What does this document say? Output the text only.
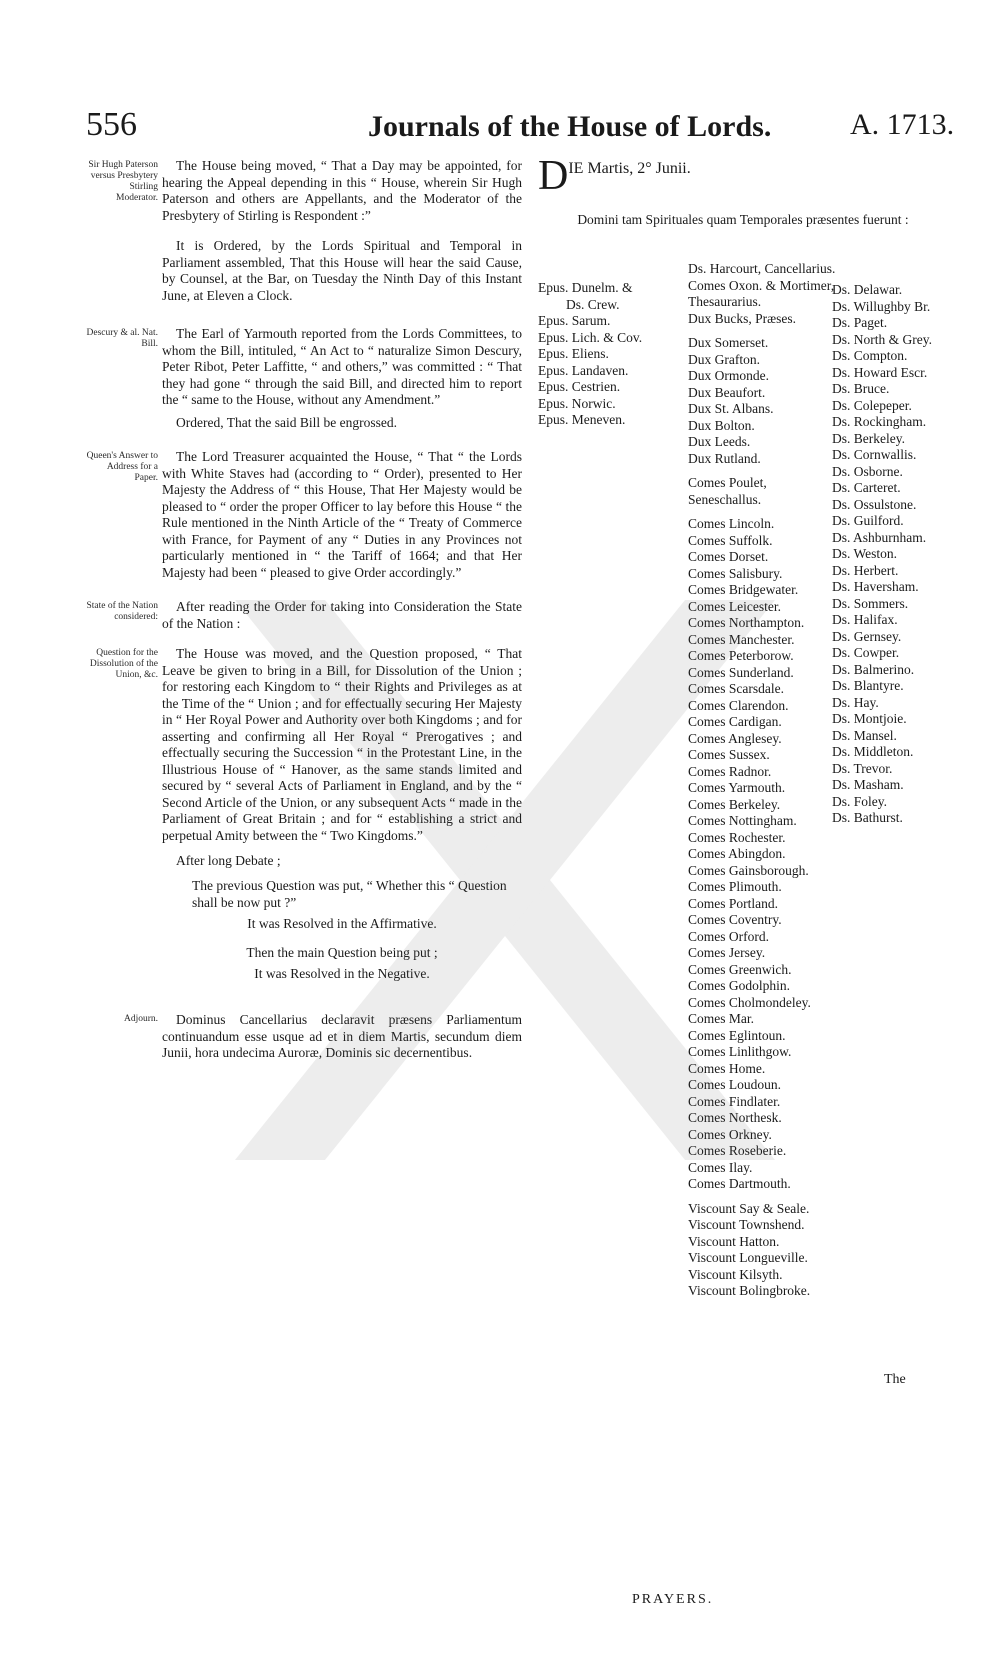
556	Journals of the House of Lords.	A. 1713.
Sir Hugh Paterson versus Presbytery Stirling Moderator.

The House being moved, “ That a Day may be appointed, for hearing the Appeal depending in this “ House, wherein Sir Hugh Paterson and others are Appellants, and the Moderator of the Presbytery of Stirling is Respondent :”

It is Ordered, by the Lords Spiritual and Temporal in Parliament assembled, That this House will hear the said Cause, by Counsel, at the Bar, on Tuesday the Ninth Day of this Instant June, at Eleven a Clock.

Descury & al. Nat. Bill.

The Earl of Yarmouth reported from the Lords Committees, to whom the Bill, intituled, “ An Act to “ naturalize Simon Descury, Peter Ribot, Peter Laffitte, “ and others,” was committed : “ That they had gone “ through the said Bill, and directed him to report the “ same to the House, without any Amendment.”

Ordered, That the said Bill be engrossed.

Queen's Answer to Address for a Paper.

The Lord Treasurer acquainted the House, “ That “ the Lords with White Staves had (according to “ Order), presented to Her Majesty the Address of “ this House, That Her Majesty would be pleased to “ order the proper Officer to lay before this House “ the Rule mentioned in the Ninth Article of the “ Treaty of Commerce with France, for Payment of any “ Duties in any Provinces not particularly mentioned in “ the Tariff of 1664; and that Her Majesty had been “ pleased to give Order accordingly.”

State of the Nation considered:

After reading the Order for taking into Consideration the State of the Nation :

Question for the Dissolution of the Union, &c.

The House was moved, and the Question proposed, “ That Leave be given to bring in a Bill, for Dissolution of the Union ; for restoring each Kingdom to “ their Rights and Privileges as at the Time of the “ Union ; and for effectually securing Her Majesty in “ Her Royal Power and Authority over both Kingdoms ; and for asserting and confirming all Her Royal “ Prerogatives ; and effectually securing the Succession “ in the Protestant Line, in the Illustrious House of “ Hanover, as the same stands limited and secured by “ several Acts of Parliament in England, and by the “ Second Article of the Union, or any subsequent Acts “ made in the Parliament of Great Britain ; and for “ establishing a strict and perpetual Amity between the “ Two Kingdoms.”

After long Debate ;

The previous Question was put, “ Whether this “ Question shall be now put ?”

It was Resolved in the Affirmative.

Then the main Question being put ;

It was Resolved in the Negative.

Adjourn.	Dominus Cancellarius declaravit præsens Parliamentum continuandum esse usque ad et in diem Martis, secundum diem Junii, hora undecima Auroræ, Dominis sic decernentibus.

DIE Martis, 2° Junii.
Domini tam Spirituales quam Temporales præsentes fuerunt :
Epus. Dunelm. &
Ds. Crew.
Epus. Sarum.
Epus. Lich. & Cov.
Epus. Eliens.
Epus. Landaven.
Epus. Cestrien.
Epus. Norwic.
Epus. Meneven.
Ds. Harcourt, Cancellarius.
Comes Oxon. & Mortimer, Thesaurarius.
Dux Bucks, Præses.
Dux Somerset.
Dux Grafton.
Dux Ormonde.
Dux Beaufort.
Dux St. Albans.
Dux Bolton.
Dux Leeds.
Dux Rutland.
Comes Poulet, Seneschallus.
Comes Lincoln.
Comes Suffolk.
Comes Dorset.
Comes Salisbury.
Comes Bridgewater.
Comes Leicester.
Comes Northampton.
Comes Manchester.
Comes Peterborow.
Comes Sunderland.
Comes Scarsdale.
Comes Clarendon.
Comes Cardigan.
Comes Anglesey.
Comes Sussex.
Comes Radnor.
Comes Yarmouth.
Comes Berkeley.
Comes Nottingham.
Comes Rochester.
Comes Abingdon.
Comes Gainsborough.
Comes Plimouth.
Comes Portland.
Comes Coventry.
Comes Orford.
Comes Jersey.
Comes Greenwich.
Comes Godolphin.
Comes Cholmondeley.
Comes Mar.
Comes Eglintoun.
Comes Linlithgow.
Comes Home.
Comes Loudoun.
Comes Findlater.
Comes Northesk.
Comes Orkney.
Comes Roseberie.
Comes Ilay.
Comes Dartmouth.
Viscount Say & Seale.
Viscount Townshend.
Viscount Hatton.
Viscount Longueville.
Viscount Kilsyth.
Viscount Bolingbroke.
Ds. Delawar.
Ds. Willughby Br.
Ds. Paget.
Ds. North & Grey.
Ds. Compton.
Ds. Howard Escr.
Ds. Bruce.
Ds. Colepeper.
Ds. Rockingham.
Ds. Berkeley.
Ds. Cornwallis.
Ds. Osborne.
Ds. Carteret.
Ds. Ossulstone.
Ds. Guilford.
Ds. Ashburnham.
Ds. Weston.
Ds. Herbert.
Ds. Haversham.
Ds. Sommers.
Ds. Halifax.
Ds. Gernsey.
Ds. Cowper.
Ds. Balmerino.
Ds. Blantyre.
Ds. Hay.
Ds. Montjoie.
Ds. Mansel.
Ds. Middleton.
Ds. Trevor.
Ds. Masham.
Ds. Foley.
Ds. Bathurst.
The
PRAYERS.
